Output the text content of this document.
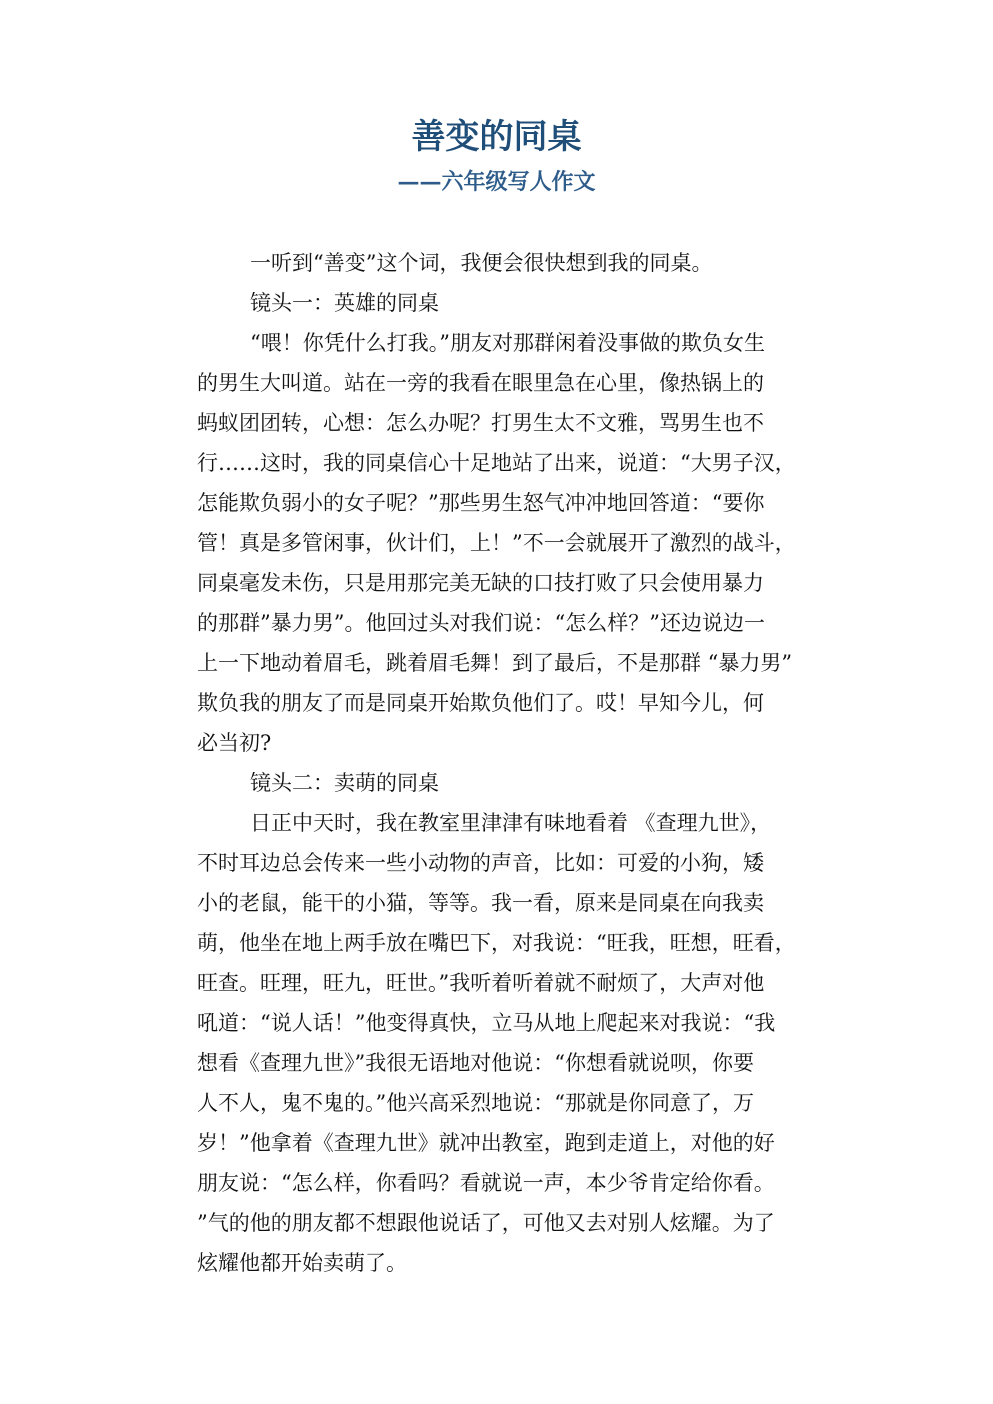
善变的同桌
——六年级写人作文

一听到“善变”这个词，我便会很快想到我的同桌。

镜头一：英雄的同桌

“喂！你凭什么打我。”朋友对那群闲着没事做的欺负女生

的男生大叫道。站在一旁的我看在眼里急在心里，像热锅上的

蚂蚁团团转，心想：怎么办呢？打男生太不文雅，骂男生也不

行……这时，我的同桌信心十足地站了出来，说道：“大男子汉，

怎能欺负弱小的女子呢？”那些男生怒气冲冲地回答道：“要你

管！真是多管闲事，伙计们，上！”不一会就展开了激烈的战斗，

同桌毫发未伤，只是用那完美无缺的口技打败了只会使用暴力

的那群”暴力男”。他回过头对我们说：“怎么样？”还边说边一

上一下地动着眉毛，跳着眉毛舞！到了最后，不是那群 “暴力男”

欺负我的朋友了而是同桌开始欺负他们了。哎！早知今儿，何

必当初?

镜头二：卖萌的同桌

日正中天时，我在教室里津津有味地看着 《查理九世》，

不时耳边总会传来一些小动物的声音，比如：可爱的小狗，矮

小的老鼠，能干的小猫，等等。我一看，原来是同桌在向我卖

萌，他坐在地上两手放在嘴巴下，对我说：“旺我，旺想，旺看，

旺查。旺理，旺九，旺世。”我听着听着就不耐烦了，大声对他

吼道：“说人话！”他变得真快，立马从地上爬起来对我说：“我

想看《查理九世》”我很无语地对他说：“你想看就说呗，你要

人不人，鬼不鬼的。”他兴高采烈地说：“那就是你同意了，万

岁！”他拿着《查理九世》就冲出教室，跑到走道上，对他的好

朋友说：“怎么样，你看吗？看就说一声，本少爷肯定给你看。

”气的他的朋友都不想跟他说话了，可他又去对别人炫耀。为了

炫耀他都开始卖萌了。
